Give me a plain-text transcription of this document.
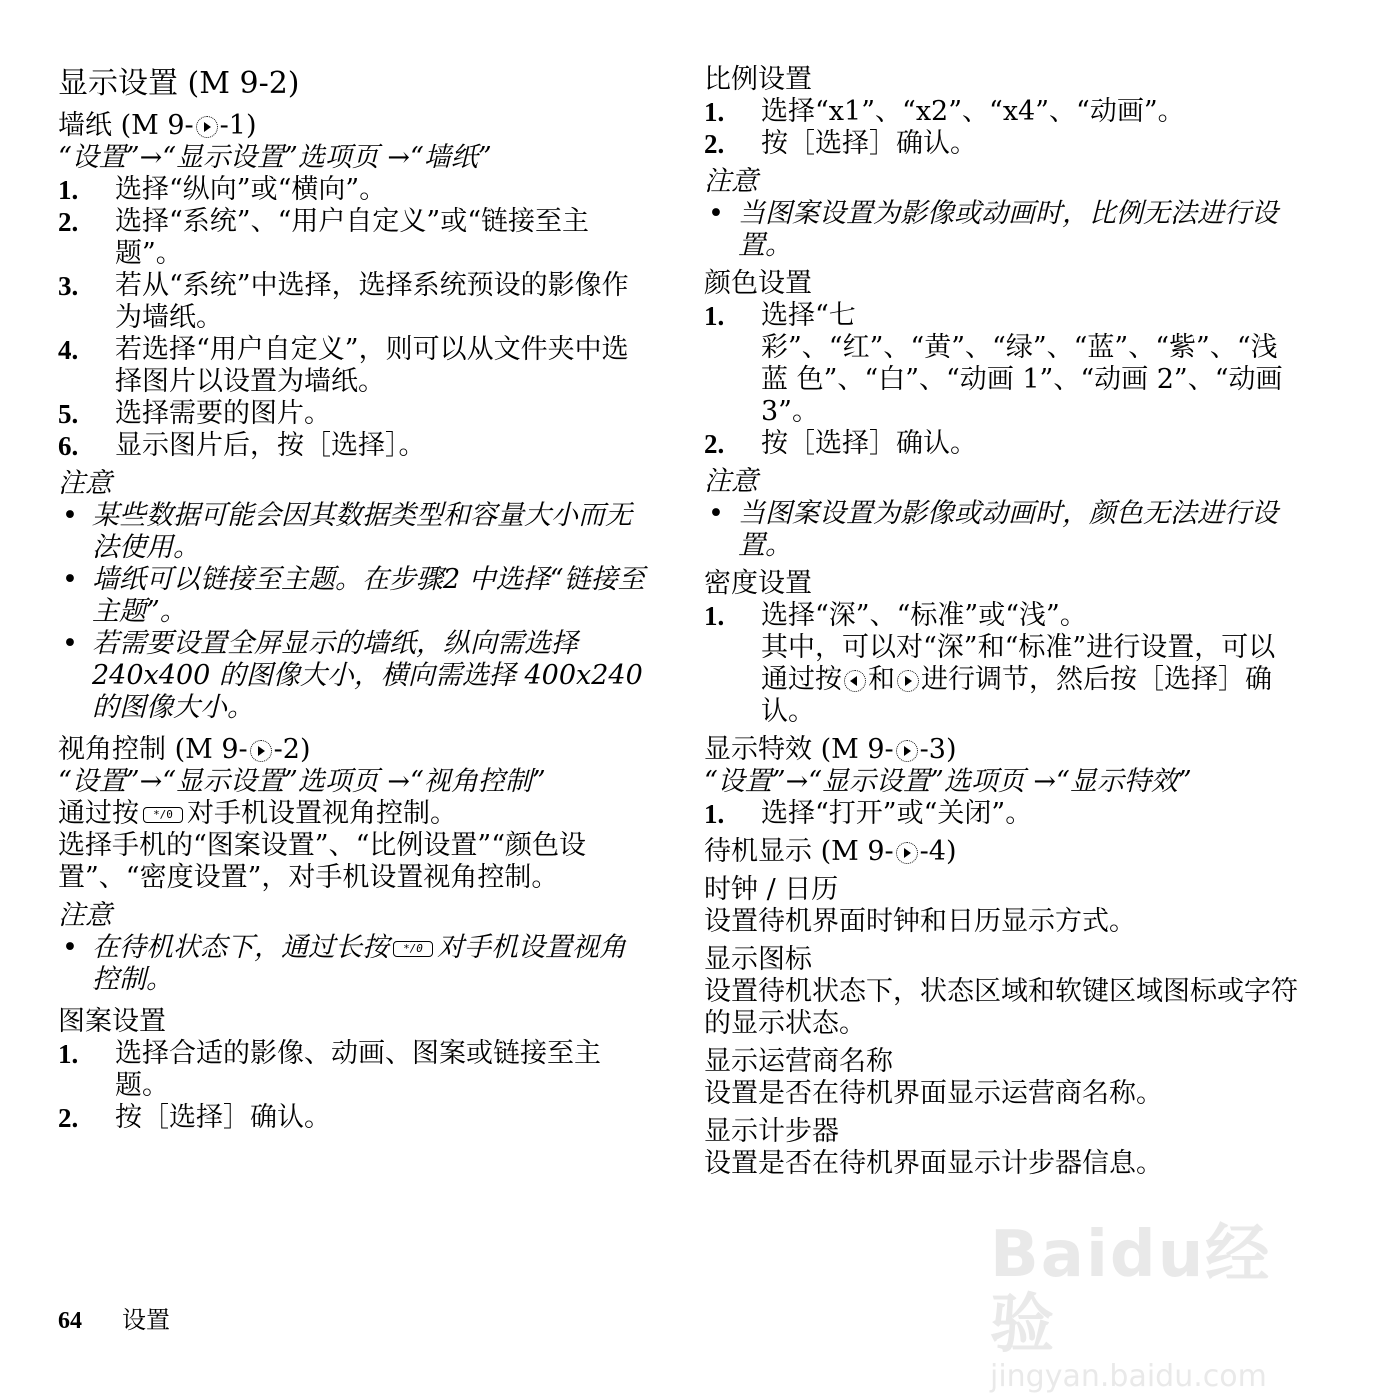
显示设置 (M 9-2)
墙纸 (M 9- -1)
“设置”→“显示设置”选项页 →“墙纸”
1. 选择“纵向”或“横向”。
2. 选择“系统”、“用户自定义”或“链接至主题”。
3. 若从“系统”中选择，选择系统预设的影像作为墙纸。
4. 若选择“用户自定义”，则可以从文件夹中选择图片以设置为墙纸。
5. 选择需要的图片。
6. 显示图片后，按［选择］。
注意
• 某些数据可能会因其数据类型和容量大小而无法使用。
• 墙纸可以链接至主题。在步骤2 中选择“链接至主题”。
• 若需要设置全屏显示的墙纸，纵向需选择240x400 的图像大小，横向需选择 400x240 的图像大小。
视角控制 (M 9- -2)
“设置”→“显示设置”选项页 →“视角控制”
通过按 */0 对手机设置视角控制。
选择手机的“图案设置”、“比例设置”“颜色设置”、“密度设置”，对手机设置视角控制。
注意
• 在待机状态下，通过长按 */0 对手机设置视角控制。
图案设置
1. 选择合适的影像、动画、图案或链接至主题。
2. 按［选择］确认。
比例设置
1. 选择“x1”、“x2”、“x4”、“动画”。
2. 按［选择］确认。
注意
• 当图案设置为影像或动画时，比例无法进行设置。
颜色设置
1. 选择“七彩”、“红”、“黄”、“绿”、“蓝”、“紫”、“浅 蓝 色”、“白”、“动画 1”、“动画 2”、“动画 3”。
2. 按［选择］确认。
注意
• 当图案设置为影像或动画时，颜色无法进行设置。
密度设置
1. 选择“深”、“标准”或“浅”。
其中，可以对“深”和“标准”进行设置，可以通过按 和 进行调节，然后按［选择］确认。
显示特效 (M 9- -3)
“设置”→“显示设置”选项页 →“显示特效”
1. 选择“打开”或“关闭”。
待机显示 (M 9- -4)
时钟 / 日历
设置待机界面时钟和日历显示方式。
显示图标
设置待机状态下，状态区域和软键区域图标或字符的显示状态。
显示运营商名称
设置是否在待机界面显示运营商名称。
显示计步器
设置是否在待机界面显示计步器信息。
64 设置
Baidu经验
jingyan.baidu.com
